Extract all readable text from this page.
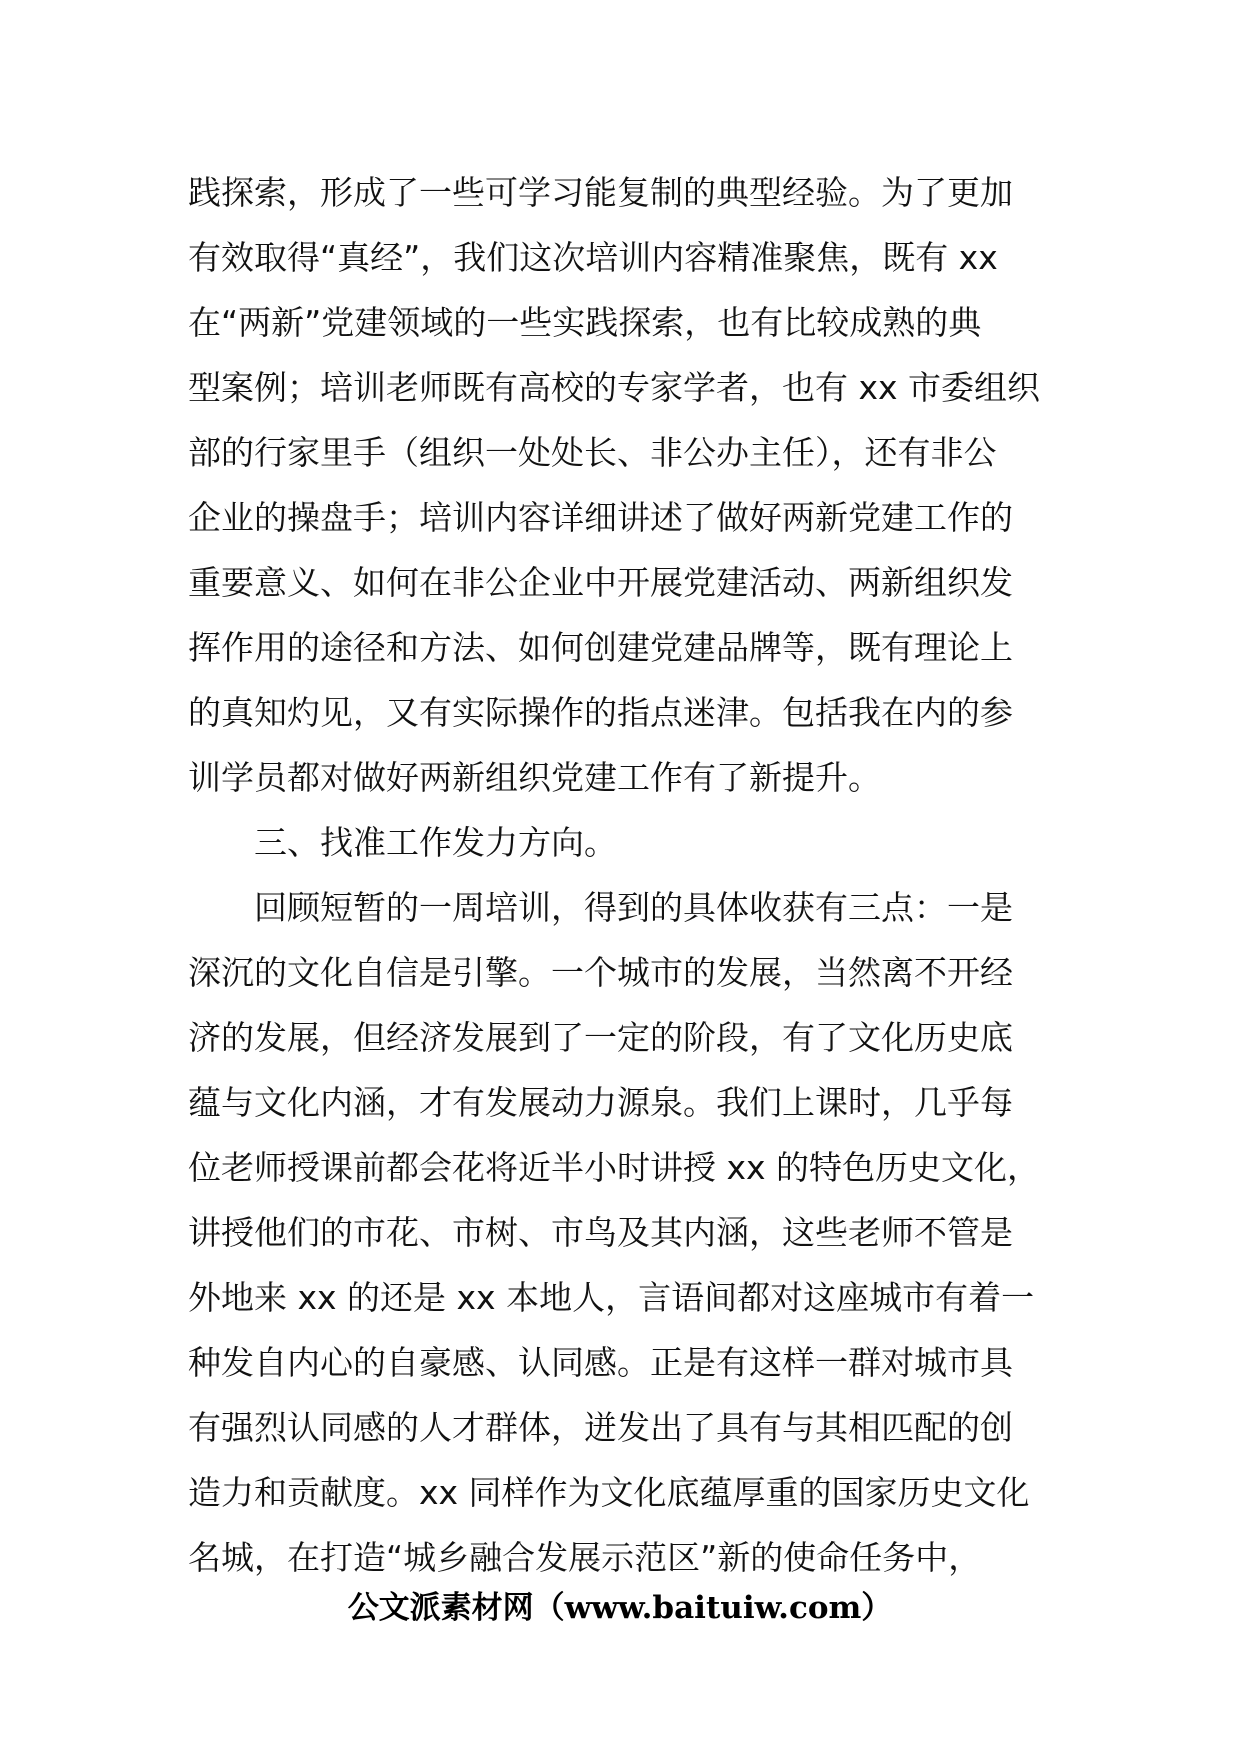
践探索，形成了一些可学习能复制的典型经验。为了更加
有效取得“真经”，我们这次培训内容精准聚焦，既有 xx
在“两新”党建领域的一些实践探索，也有比较成熟的典
型案例；培训老师既有高校的专家学者，也有 xx 市委组织
部的行家里手（组织一处处长、非公办主任），还有非公
企业的操盘手；培训内容详细讲述了做好两新党建工作的
重要意义、如何在非公企业中开展党建活动、两新组织发
挥作用的途径和方法、如何创建党建品牌等，既有理论上
的真知灼见，又有实际操作的指点迷津。包括我在内的参
训学员都对做好两新组织党建工作有了新提升。
三、找准工作发力方向。
回顾短暂的一周培训，得到的具体收获有三点：一是
深沉的文化自信是引擎。一个城市的发展，当然离不开经
济的发展，但经济发展到了一定的阶段，有了文化历史底
蕴与文化内涵，才有发展动力源泉。我们上课时，几乎每
位老师授课前都会花将近半小时讲授 xx 的特色历史文化，
讲授他们的市花、市树、市鸟及其内涵，这些老师不管是
外地来 xx 的还是 xx 本地人，言语间都对这座城市有着一
种发自内心的自豪感、认同感。正是有这样一群对城市具
有强烈认同感的人才群体，迸发出了具有与其相匹配的创
造力和贡献度。xx 同样作为文化底蕴厚重的国家历史文化
名城，在打造“城乡融合发展示范区”新的使命任务中，
公文派素材网（www.baituiw.com）
